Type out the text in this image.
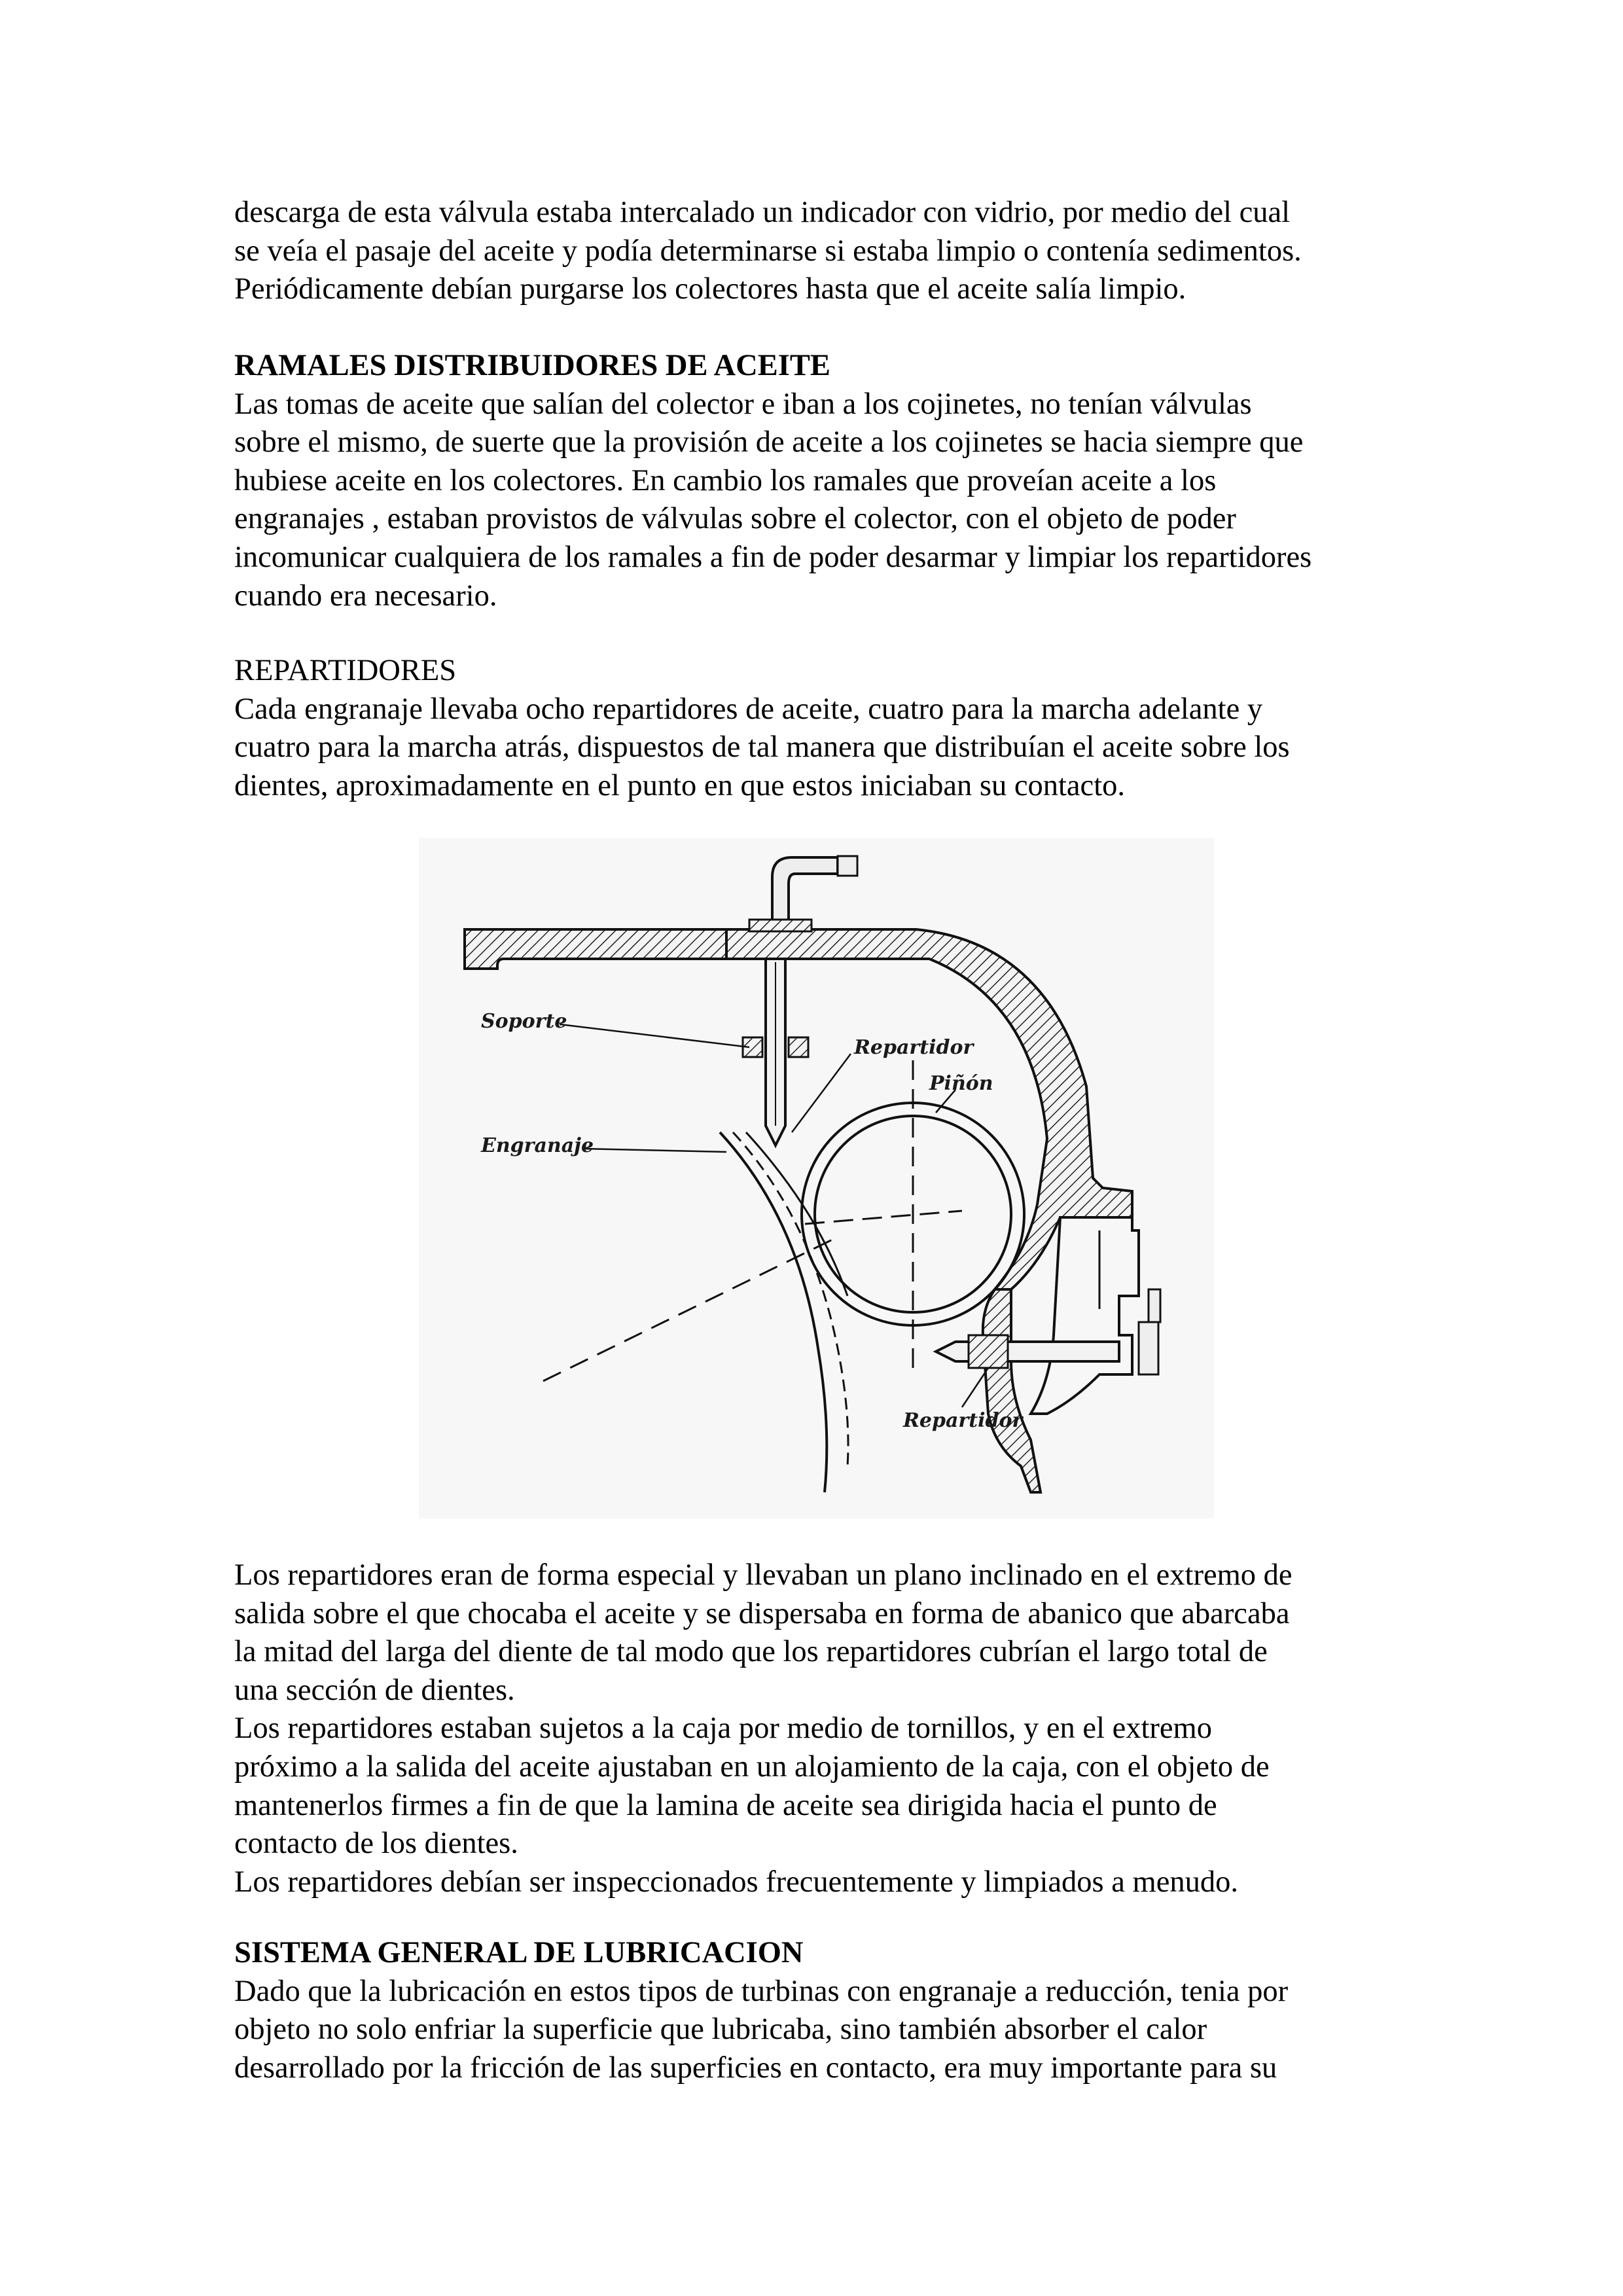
descarga de esta válvula estaba intercalado un indicador con vidrio, por medio del cual
se veía el pasaje del aceite y podía determinarse si estaba limpio o contenía sedimentos.
Periódicamente debían purgarse los colectores hasta que el aceite salía limpio.
RAMALES DISTRIBUIDORES DE ACEITE
Las tomas de aceite que salían del colector e iban a los cojinetes, no tenían válvulas
sobre el mismo, de suerte que la provisión de aceite a los cojinetes se hacia siempre que
hubiese aceite en los colectores. En cambio los ramales que proveían aceite a los
engranajes , estaban provistos de válvulas sobre el colector, con el objeto de poder
incomunicar cualquiera de los ramales a fin de poder desarmar y limpiar los repartidores
cuando era necesario.
REPARTIDORES
Cada engranaje llevaba ocho repartidores de aceite, cuatro para la marcha adelante y
cuatro para la marcha atrás, dispuestos de tal manera que distribuían el aceite sobre los
dientes, aproximadamente en el punto en que estos iniciaban su contacto.
Soporte
Repartidor
Piñón
Engranaje
Repartidor
Los repartidores eran de forma especial y llevaban un plano inclinado en el extremo de
salida sobre el que chocaba el aceite y se dispersaba en forma de abanico que abarcaba
la mitad del larga del diente de tal modo que los repartidores cubrían el largo total de
una sección de dientes.
Los repartidores estaban sujetos a la caja por medio de tornillos, y en el extremo
próximo a la salida del aceite ajustaban en un alojamiento de la caja, con el objeto de
mantenerlos firmes a fin de que la lamina de aceite sea dirigida hacia el punto de
contacto de los dientes.
Los repartidores debían ser inspeccionados frecuentemente y limpiados a menudo.
SISTEMA GENERAL DE LUBRICACION
Dado que la lubricación en estos tipos de turbinas con engranaje a reducción, tenia por
objeto no solo enfriar la superficie que lubricaba, sino también absorber el calor
desarrollado por la fricción de las superficies en contacto, era muy importante para su
